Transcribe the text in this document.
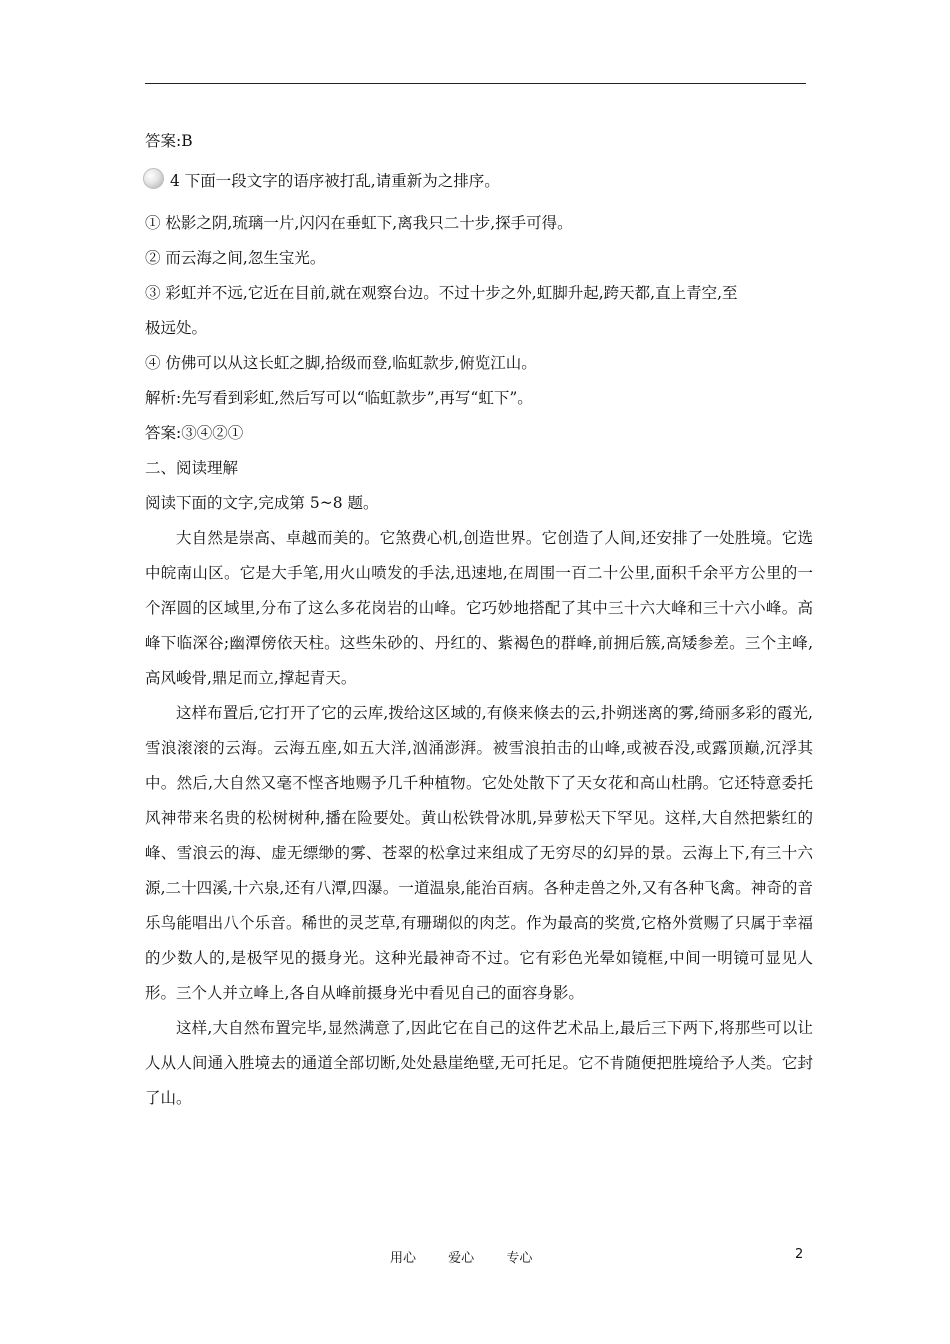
答案:B
4 下面一段文字的语序被打乱,请重新为之排序。
① 松影之阴,琉璃一片,闪闪在垂虹下,离我只二十步,探手可得。
② 而云海之间,忽生宝光。
③ 彩虹并不远,它近在目前,就在观察台边。不过十步之外,虹脚升起,跨天都,直上青空,至
极远处。
④ 仿佛可以从这长虹之脚,拾级而登,临虹款步,俯览江山。
解析:先写看到彩虹,然后写可以“临虹款步”,再写“虹下”。
答案:③④②①
二、阅读理解
阅读下面的文字,完成第 5~8 题。

大自然是崇高、卓越而美的。它煞费心机,创造世界。它创造了人间,还安排了一处胜境。它选中皖南山区。它是大手笔,用火山喷发的手法,迅速地,在周围一百二十公里,面积千余平方公里的一个浑圆的区域里,分布了这么多花岗岩的山峰。它巧妙地搭配了其中三十六大峰和三十六小峰。高峰下临深谷;幽潭傍依天柱。这些朱砂的、丹红的、紫褐色的群峰,前拥后簇,高矮参差。三个主峰,高风峻骨,鼎足而立,撑起青天。

这样布置后,它打开了它的云库,拨给这区域的,有倏来倏去的云,扑朔迷离的雾,绮丽多彩的霞光,雪浪滚滚的云海。云海五座,如五大洋,汹涌澎湃。被雪浪拍击的山峰,或被吞没,或露顶巅,沉浮其中。然后,大自然又毫不悭吝地赐予几千种植物。它处处散下了天女花和高山杜鹃。它还特意委托风神带来名贵的松树树种,播在险要处。黄山松铁骨冰肌,异萝松天下罕见。这样,大自然把紫红的峰、雪浪云的海、虚无缥缈的雾、苍翠的松拿过来组成了无穷尽的幻异的景。云海上下,有三十六源,二十四溪,十六泉,还有八潭,四瀑。一道温泉,能治百病。各种走兽之外,又有各种飞禽。神奇的音乐鸟能唱出八个乐音。稀世的灵芝草,有珊瑚似的肉芝。作为最高的奖赏,它格外赏赐了只属于幸福的少数人的,是极罕见的摄身光。这种光最神奇不过。它有彩色光晕如镜框,中间一明镜可显见人形。三个人并立峰上,各自从峰前摄身光中看见自己的面容身影。

这样,大自然布置完毕,显然满意了,因此它在自己的这件艺术品上,最后三下两下,将那些可以让人从人间通入胜境去的通道全部切断,处处悬崖绝壁,无可托足。它不肯随便把胜境给予人类。它封了山。

用心 爱心 专心	2
